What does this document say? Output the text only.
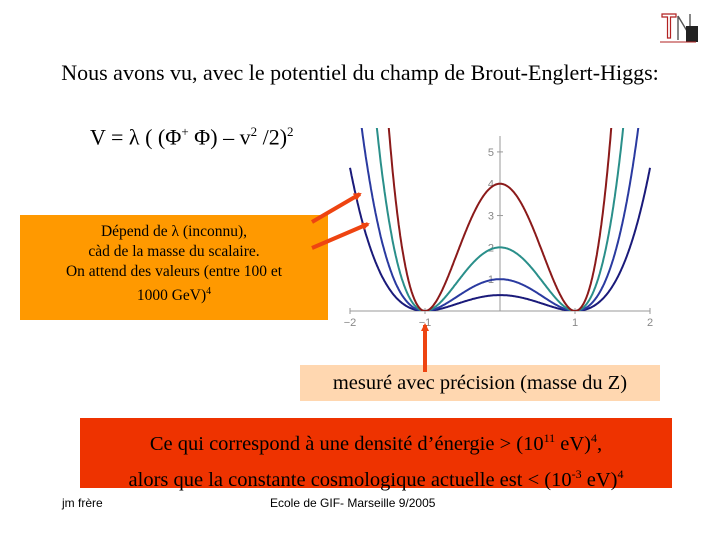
Nous avons vu, avec le potentiel du champ de Brout-Englert-Higgs:
V = λ ( (Φ+ $\Phi) - v^2$ /2)$^2$
−2	−1	1	2
1
2
3
4
5
Dépend de λ (inconnu),
càd de la masse du scalaire.
On attend des valeurs (entre 100 et
1000 GeV)$^4$
mesuré avec précision (masse du Z)
Ce qui correspond à une densité d’énergie > ($10^{11}$ eV)$^4$,
alors que la constante cosmologique actuelle est < ($10^{-3}$ eV)$^4$
jm frère	Ecole de GIF- Marseille 9/2005
